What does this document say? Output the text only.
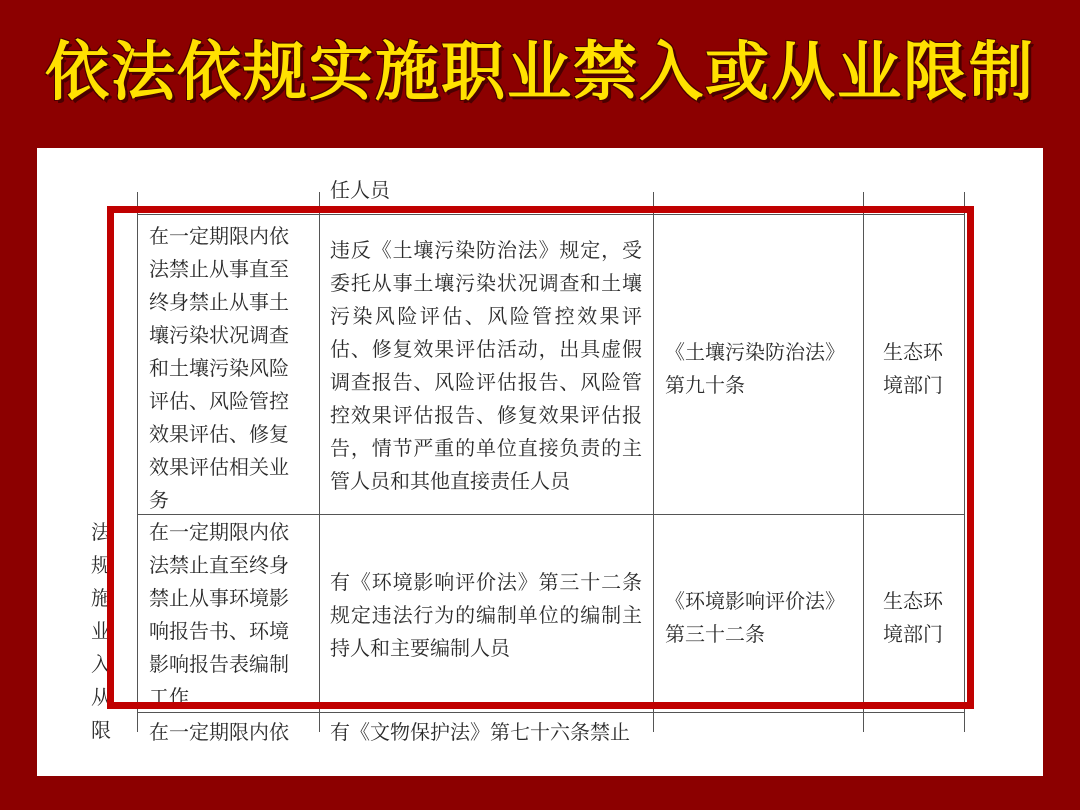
依法依规实施职业禁入或从业限制
任人员
法规施业入从限
在一定期限内依法禁止从事直至终身禁止从事土壤污染状况调查和土壤污染风险评估、风险管控效果评估、修复效果评估相关业务
违反《土壤污染防治法》规定，受委托从事土壤污染状况调查和土壤污染风险评估、风险管控效果评估、修复效果评估活动，出具虚假调查报告、风险评估报告、风险管控效果评估报告、修复效果评估报告，情节严重的单位直接负责的主管人员和其他直接责任人员
《土壤污染防治法》第九十条
生态环境部门
在一定期限内依法禁止直至终身禁止从事环境影响报告书、环境影响报告表编制工作
有《环境影响评价法》第三十二条规定违法行为的编制单位的编制主持人和主要编制人员
《环境影响评价法》第三十二条
生态环境部门
在一定期限内依	有《文物保护法》第七十六条禁止
